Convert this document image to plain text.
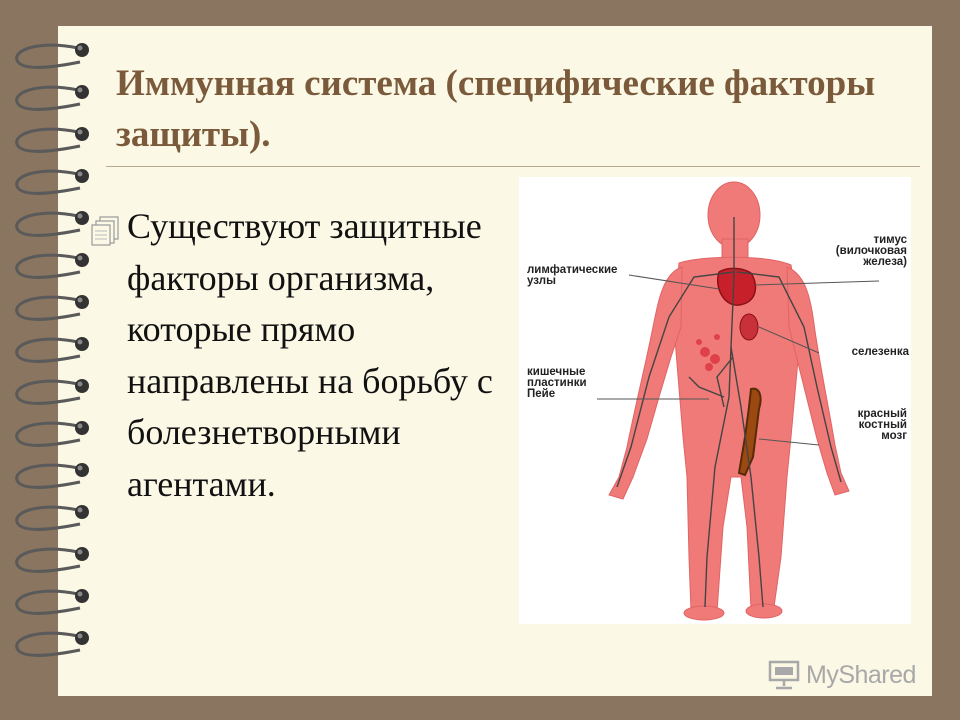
Иммунная система (специфические факторы защиты).

Существуют защитные факторы организма, которые прямо направлены на борьбу с болезнетворными агентами.

лимфатические узлы
кишечные пластинки Пейе
тимус (вилочковая железа)
селезенка
красный костный мозг
MyShared
